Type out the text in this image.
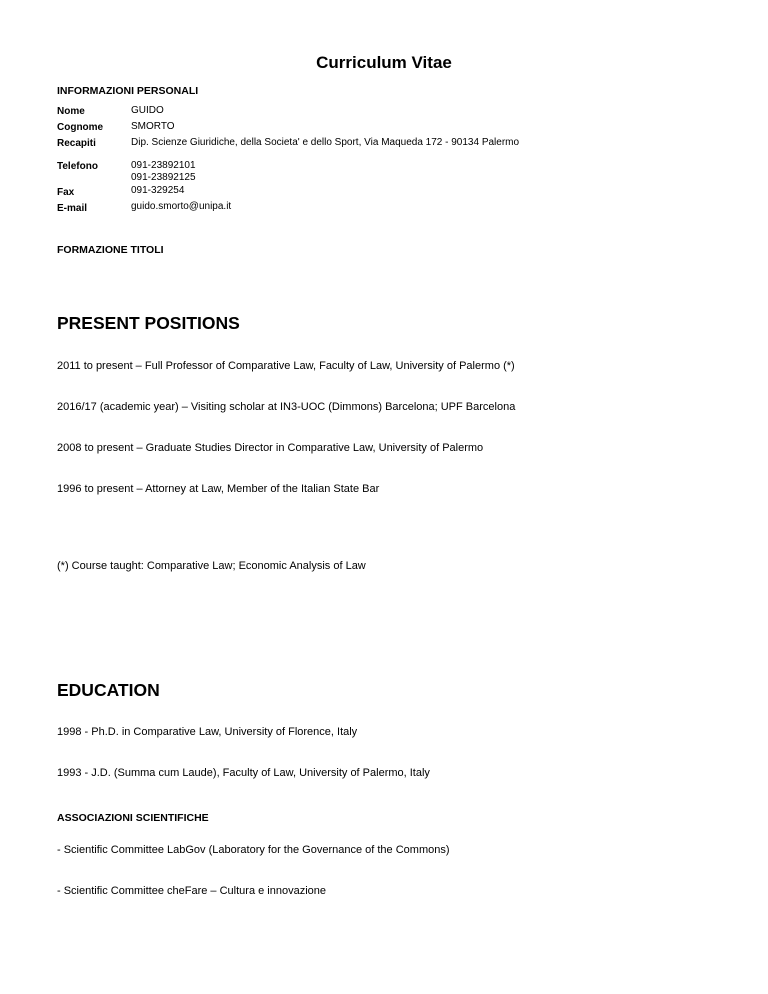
Curriculum Vitae
INFORMAZIONI PERSONALI
Nome	GUIDO
Cognome	SMORTO
Recapiti	Dip. Scienze Giuridiche, della Societa' e dello Sport, Via Maqueda 172 - 90134 Palermo
Telefono	091-23892101
091-23892125
Fax	091-329254
E-mail	guido.smorto@unipa.it
FORMAZIONE TITOLI
PRESENT POSITIONS
2011 to present – Full Professor of Comparative Law, Faculty of Law, University of Palermo (*)
2016/17 (academic year) – Visiting scholar at IN3-UOC (Dimmons) Barcelona; UPF Barcelona
2008 to present – Graduate Studies Director in Comparative Law, University of Palermo
1996 to present – Attorney at Law, Member of the Italian State Bar
(*) Course taught: Comparative Law; Economic Analysis of Law
EDUCATION
1998 - Ph.D. in Comparative Law, University of Florence, Italy
1993 - J.D. (Summa cum Laude), Faculty of Law, University of Palermo, Italy
ASSOCIAZIONI SCIENTIFICHE
- Scientific Committee LabGov (Laboratory for the Governance of the Commons)
- Scientific Committee cheFare – Cultura e innovazione
